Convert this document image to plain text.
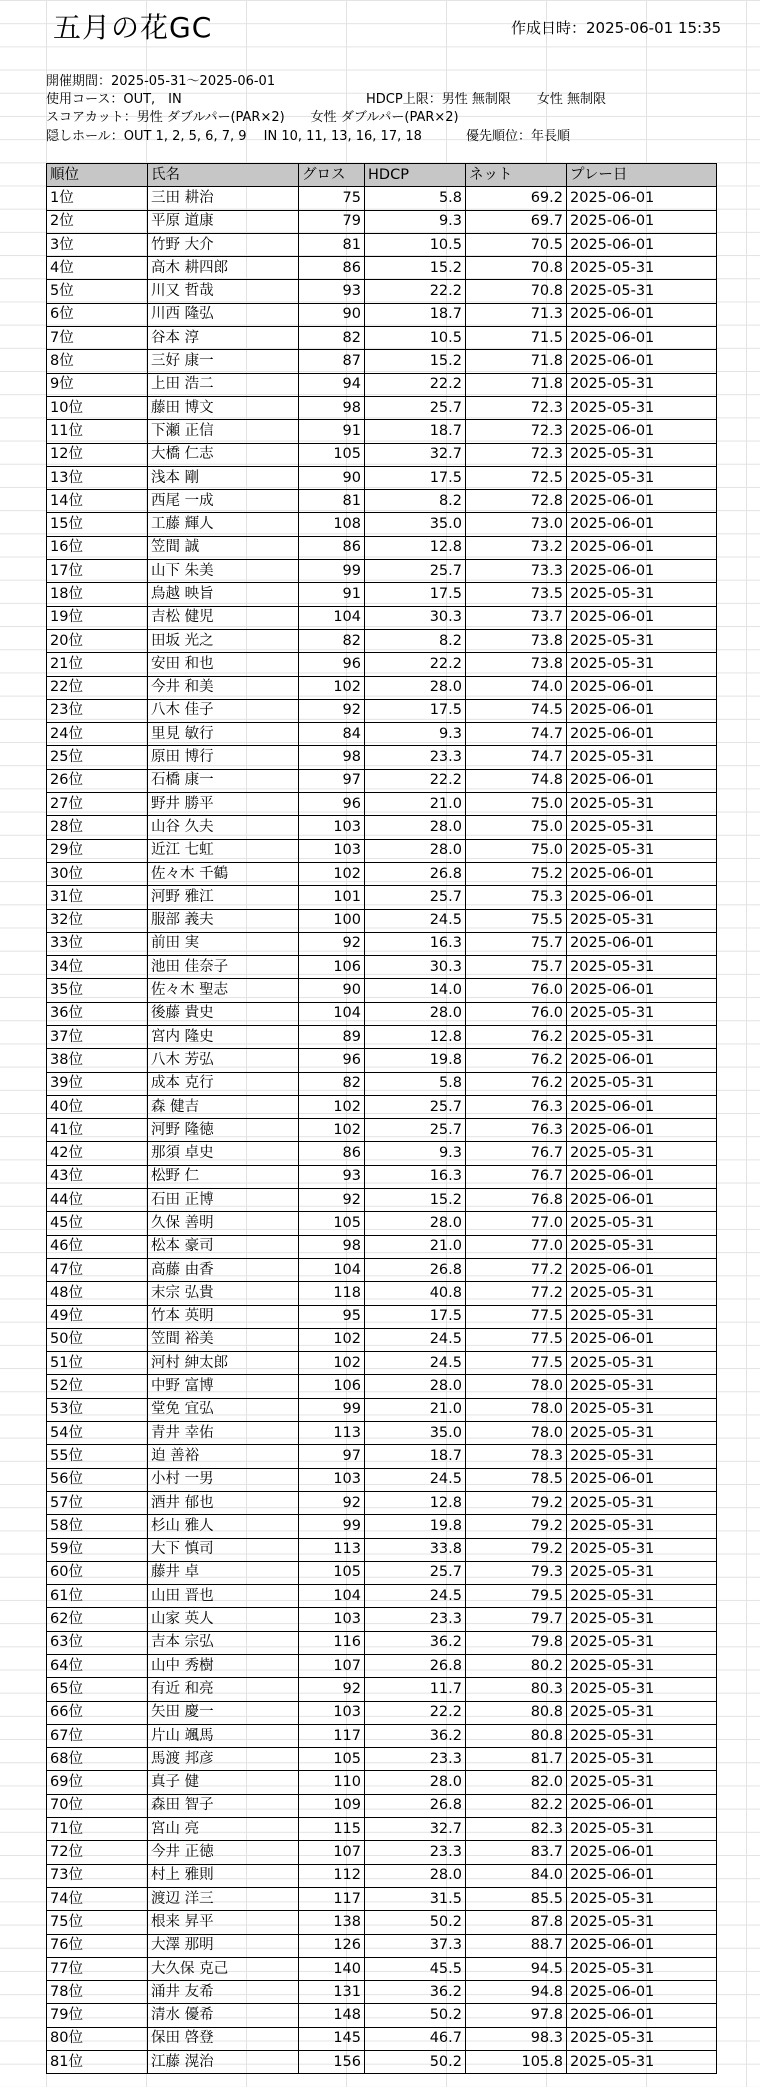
五月の花GC	作成日時：2025-06-01 15:35
開催期間：2025-05-31～2025-06-01
使用コース：OUT,　IN	HDCP上限：男性 無制限　　女性 無制限
スコアカット：男性 ダブルパー(PAR×2)　　女性 ダブルパー(PAR×2)
隠しホール：OUT 1, 2, 5, 6, 7, 9　 IN 10, 11, 13, 16, 17, 18	優先順位：年長順
順位	氏名	グロス	HDCP	ネット	プレー日
1位	三田 耕治	75	5.8	69.2	2025-06-01
2位	平原 道康	79	9.3	69.7	2025-06-01
3位	竹野 大介	81	10.5	70.5	2025-06-01
4位	高木 耕四郎	86	15.2	70.8	2025-05-31
5位	川又 哲哉	93	22.2	70.8	2025-05-31
6位	川西 隆弘	90	18.7	71.3	2025-06-01
7位	谷本 淳	82	10.5	71.5	2025-06-01
8位	三好 康一	87	15.2	71.8	2025-06-01
9位	上田 浩二	94	22.2	71.8	2025-05-31
10位	藤田 博文	98	25.7	72.3	2025-05-31
11位	下瀬 正信	91	18.7	72.3	2025-06-01
12位	大橋 仁志	105	32.7	72.3	2025-05-31
13位	浅本 剛	90	17.5	72.5	2025-05-31
14位	西尾 一成	81	8.2	72.8	2025-06-01
15位	工藤 輝人	108	35.0	73.0	2025-06-01
16位	笠間 誠	86	12.8	73.2	2025-06-01
17位	山下 朱美	99	25.7	73.3	2025-06-01
18位	鳥越 映旨	91	17.5	73.5	2025-05-31
19位	吉松 健児	104	30.3	73.7	2025-06-01
20位	田坂 光之	82	8.2	73.8	2025-05-31
21位	安田 和也	96	22.2	73.8	2025-05-31
22位	今井 和美	102	28.0	74.0	2025-06-01
23位	八木 佳子	92	17.5	74.5	2025-06-01
24位	里見 敏行	84	9.3	74.7	2025-06-01
25位	原田 博行	98	23.3	74.7	2025-05-31
26位	石橋 康一	97	22.2	74.8	2025-06-01
27位	野井 勝平	96	21.0	75.0	2025-05-31
28位	山谷 久夫	103	28.0	75.0	2025-05-31
29位	近江 七虹	103	28.0	75.0	2025-05-31
30位	佐々木 千鶴	102	26.8	75.2	2025-06-01
31位	河野 雅江	101	25.7	75.3	2025-06-01
32位	服部 義夫	100	24.5	75.5	2025-05-31
33位	前田 実	92	16.3	75.7	2025-06-01
34位	池田 佳奈子	106	30.3	75.7	2025-05-31
35位	佐々木 聖志	90	14.0	76.0	2025-06-01
36位	後藤 貴史	104	28.0	76.0	2025-05-31
37位	宮内 隆史	89	12.8	76.2	2025-05-31
38位	八木 芳弘	96	19.8	76.2	2025-06-01
39位	成本 克行	82	5.8	76.2	2025-05-31
40位	森 健吉	102	25.7	76.3	2025-06-01
41位	河野 隆徳	102	25.7	76.3	2025-06-01
42位	那須 卓史	86	9.3	76.7	2025-05-31
43位	松野 仁	93	16.3	76.7	2025-06-01
44位	石田 正博	92	15.2	76.8	2025-06-01
45位	久保 善明	105	28.0	77.0	2025-05-31
46位	松本 豪司	98	21.0	77.0	2025-05-31
47位	高藤 由香	104	26.8	77.2	2025-06-01
48位	末宗 弘貴	118	40.8	77.2	2025-05-31
49位	竹本 英明	95	17.5	77.5	2025-05-31
50位	笠間 裕美	102	24.5	77.5	2025-06-01
51位	河村 紳太郎	102	24.5	77.5	2025-05-31
52位	中野 富博	106	28.0	78.0	2025-05-31
53位	堂免 宜弘	99	21.0	78.0	2025-05-31
54位	青井 幸佑	113	35.0	78.0	2025-05-31
55位	迫 善裕	97	18.7	78.3	2025-05-31
56位	小村 一男	103	24.5	78.5	2025-06-01
57位	酒井 郁也	92	12.8	79.2	2025-05-31
58位	杉山 雅人	99	19.8	79.2	2025-05-31
59位	大下 慎司	113	33.8	79.2	2025-05-31
60位	藤井 卓	105	25.7	79.3	2025-05-31
61位	山田 晋也	104	24.5	79.5	2025-05-31
62位	山家 英人	103	23.3	79.7	2025-05-31
63位	吉本 宗弘	116	36.2	79.8	2025-05-31
64位	山中 秀樹	107	26.8	80.2	2025-05-31
65位	有近 和亮	92	11.7	80.3	2025-05-31
66位	矢田 慶一	103	22.2	80.8	2025-05-31
67位	片山 颯馬	117	36.2	80.8	2025-05-31
68位	馬渡 邦彦	105	23.3	81.7	2025-05-31
69位	真子 健	110	28.0	82.0	2025-05-31
70位	森田 智子	109	26.8	82.2	2025-06-01
71位	宮山 亮	115	32.7	82.3	2025-05-31
72位	今井 正徳	107	23.3	83.7	2025-06-01
73位	村上 雅則	112	28.0	84.0	2025-06-01
74位	渡辺 洋三	117	31.5	85.5	2025-05-31
75位	根来 昇平	138	50.2	87.8	2025-05-31
76位	大澤 那明	126	37.3	88.7	2025-06-01
77位	大久保 克己	140	45.5	94.5	2025-05-31
78位	涌井 友希	131	36.2	94.8	2025-06-01
79位	清水 優希	148	50.2	97.8	2025-06-01
80位	保田 啓登	145	46.7	98.3	2025-05-31
81位	江藤 滉治	156	50.2	105.8	2025-05-31
